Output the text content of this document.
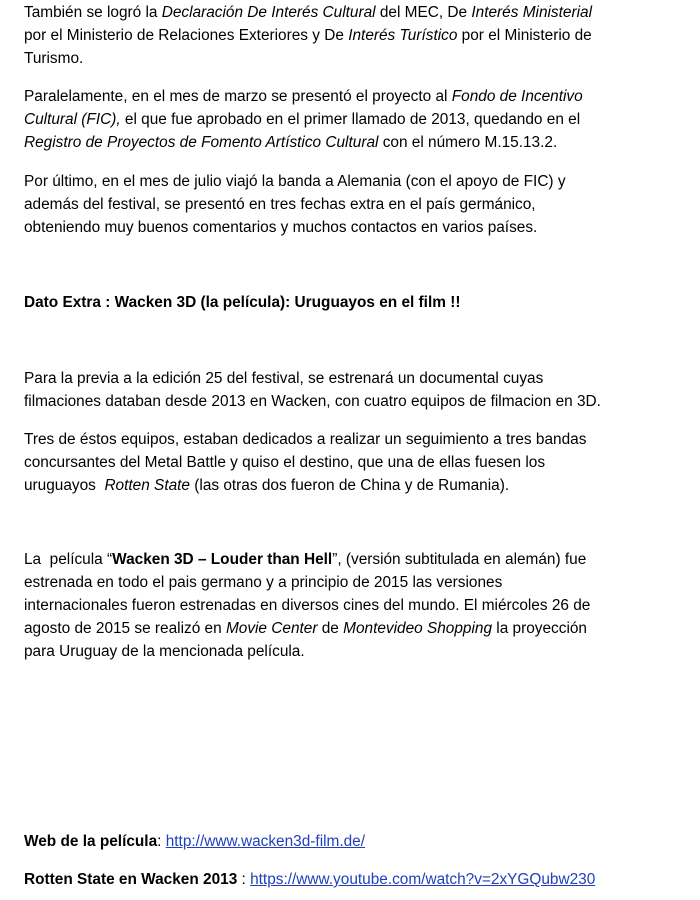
También se logró la Declaración De Interés Cultural del MEC, De Interés Ministerial
por el Ministerio de Relaciones Exteriores y De Interés Turístico por el Ministerio de
Turismo.
Paralelamente, en el mes de marzo se presentó el proyecto al Fondo de Incentivo
Cultural (FIC), el que fue aprobado en el primer llamado de 2013, quedando en el
Registro de Proyectos de Fomento Artístico Cultural con el número M.15.13.2.
Por último, en el mes de julio viajó la banda a Alemania (con el apoyo de FIC) y
además del festival, se presentó en tres fechas extra en el país germánico,
obteniendo muy buenos comentarios y muchos contactos en varios países.
Dato Extra : Wacken 3D (la película): Uruguayos en el film !!
Para la previa a la edición 25 del festival, se estrenará un documental cuyas
filmaciones databan desde 2013 en Wacken, con cuatro equipos de filmacion en 3D.
Tres de éstos equipos, estaban dedicados a realizar un seguimiento a tres bandas
concursantes del Metal Battle y quiso el destino, que una de ellas fuesen los
uruguayos  Rotten State (las otras dos fueron de China y de Rumania).
La  película “Wacken 3D – Louder than Hell”, (versión subtitulada en alemán) fue
estrenada en todo el pais germano y a principio de 2015 las versiones
internacionales fueron estrenadas en diversos cines del mundo. El miércoles 26 de
agosto de 2015 se realizó en Movie Center de Montevideo Shopping la proyección
para Uruguay de la mencionada película.
Web de la película: http://www.wacken3d-film.de/
Rotten State en Wacken 2013 : https://www.youtube.com/watch?v=2xYGQubw230
